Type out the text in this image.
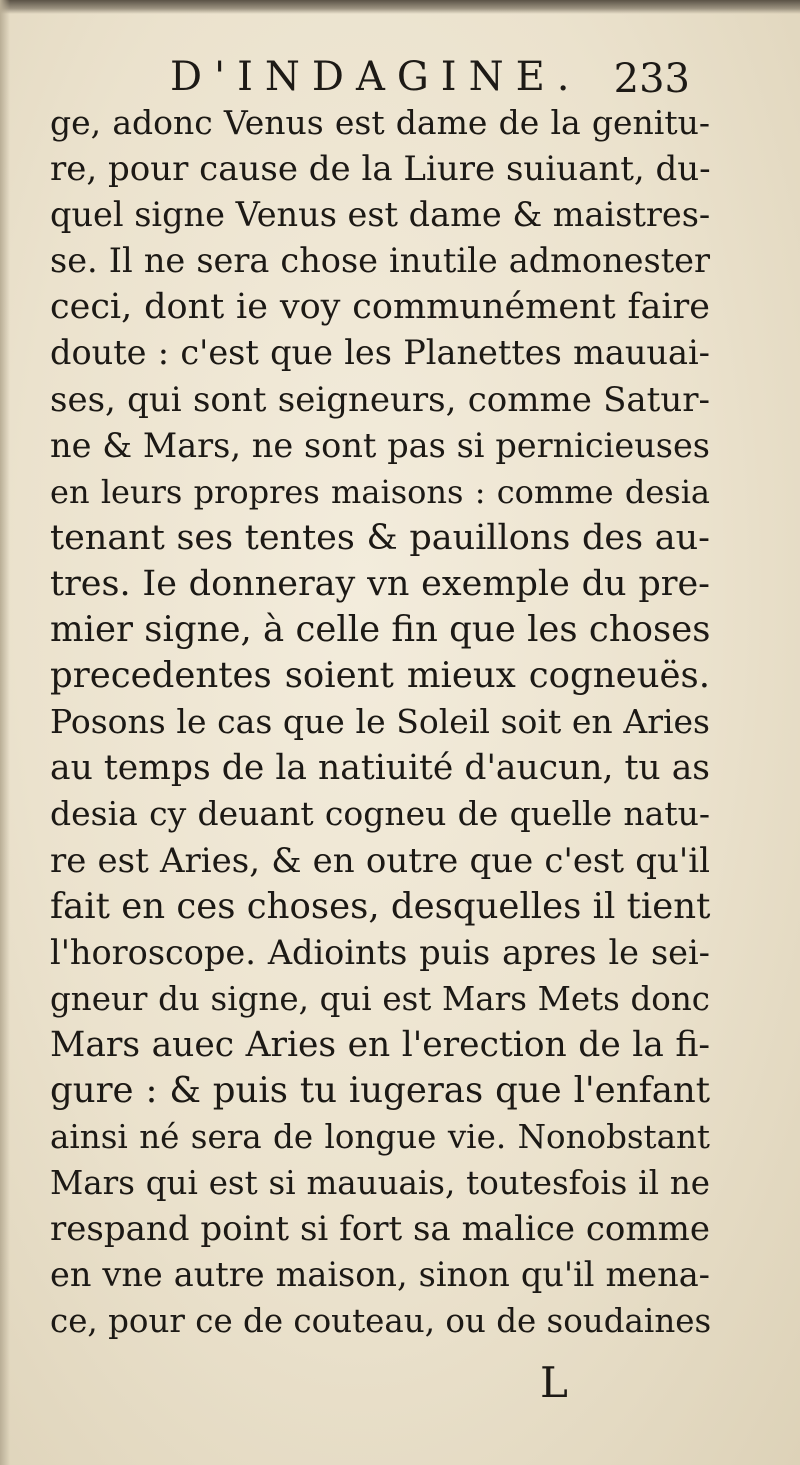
D'INDAGINE. 233
ge, adonc Venus est dame de la genitu-
re, pour cause de la Liure suiuant, du-
quel signe Venus est dame & maistres-
se. Il ne sera chose inutile admonester
ceci, dont ie voy communément faire
doute : c'est que les Planettes mauuai-
ses, qui sont seigneurs, comme Satur-
ne & Mars, ne sont pas si pernicieuses
en leurs propres maisons : comme desia
tenant ses tentes & pauillons des au-
tres. Ie donneray vn exemple du pre-
mier signe, à celle fin que les choses
precedentes soient mieux cogneuës.
Posons le cas que le Soleil soit en Aries
au temps de la natiuité d'aucun, tu as
desia cy deuant cogneu de quelle natu-
re est Aries, & en outre que c'est qu'il
fait en ces choses, desquelles il tient
l'horoscope. Adioints puis apres le sei-
gneur du signe, qui est Mars Mets donc
Mars auec Aries en l'erection de la fi-
gure : & puis tu iugeras que l'enfant
ainsi né sera de longue vie. Nonobstant
Mars qui est si mauuais, toutesfois il ne
respand point si fort sa malice comme
en vne autre maison, sinon qu'il mena-
ce, pour ce de couteau, ou de soudaines
L
